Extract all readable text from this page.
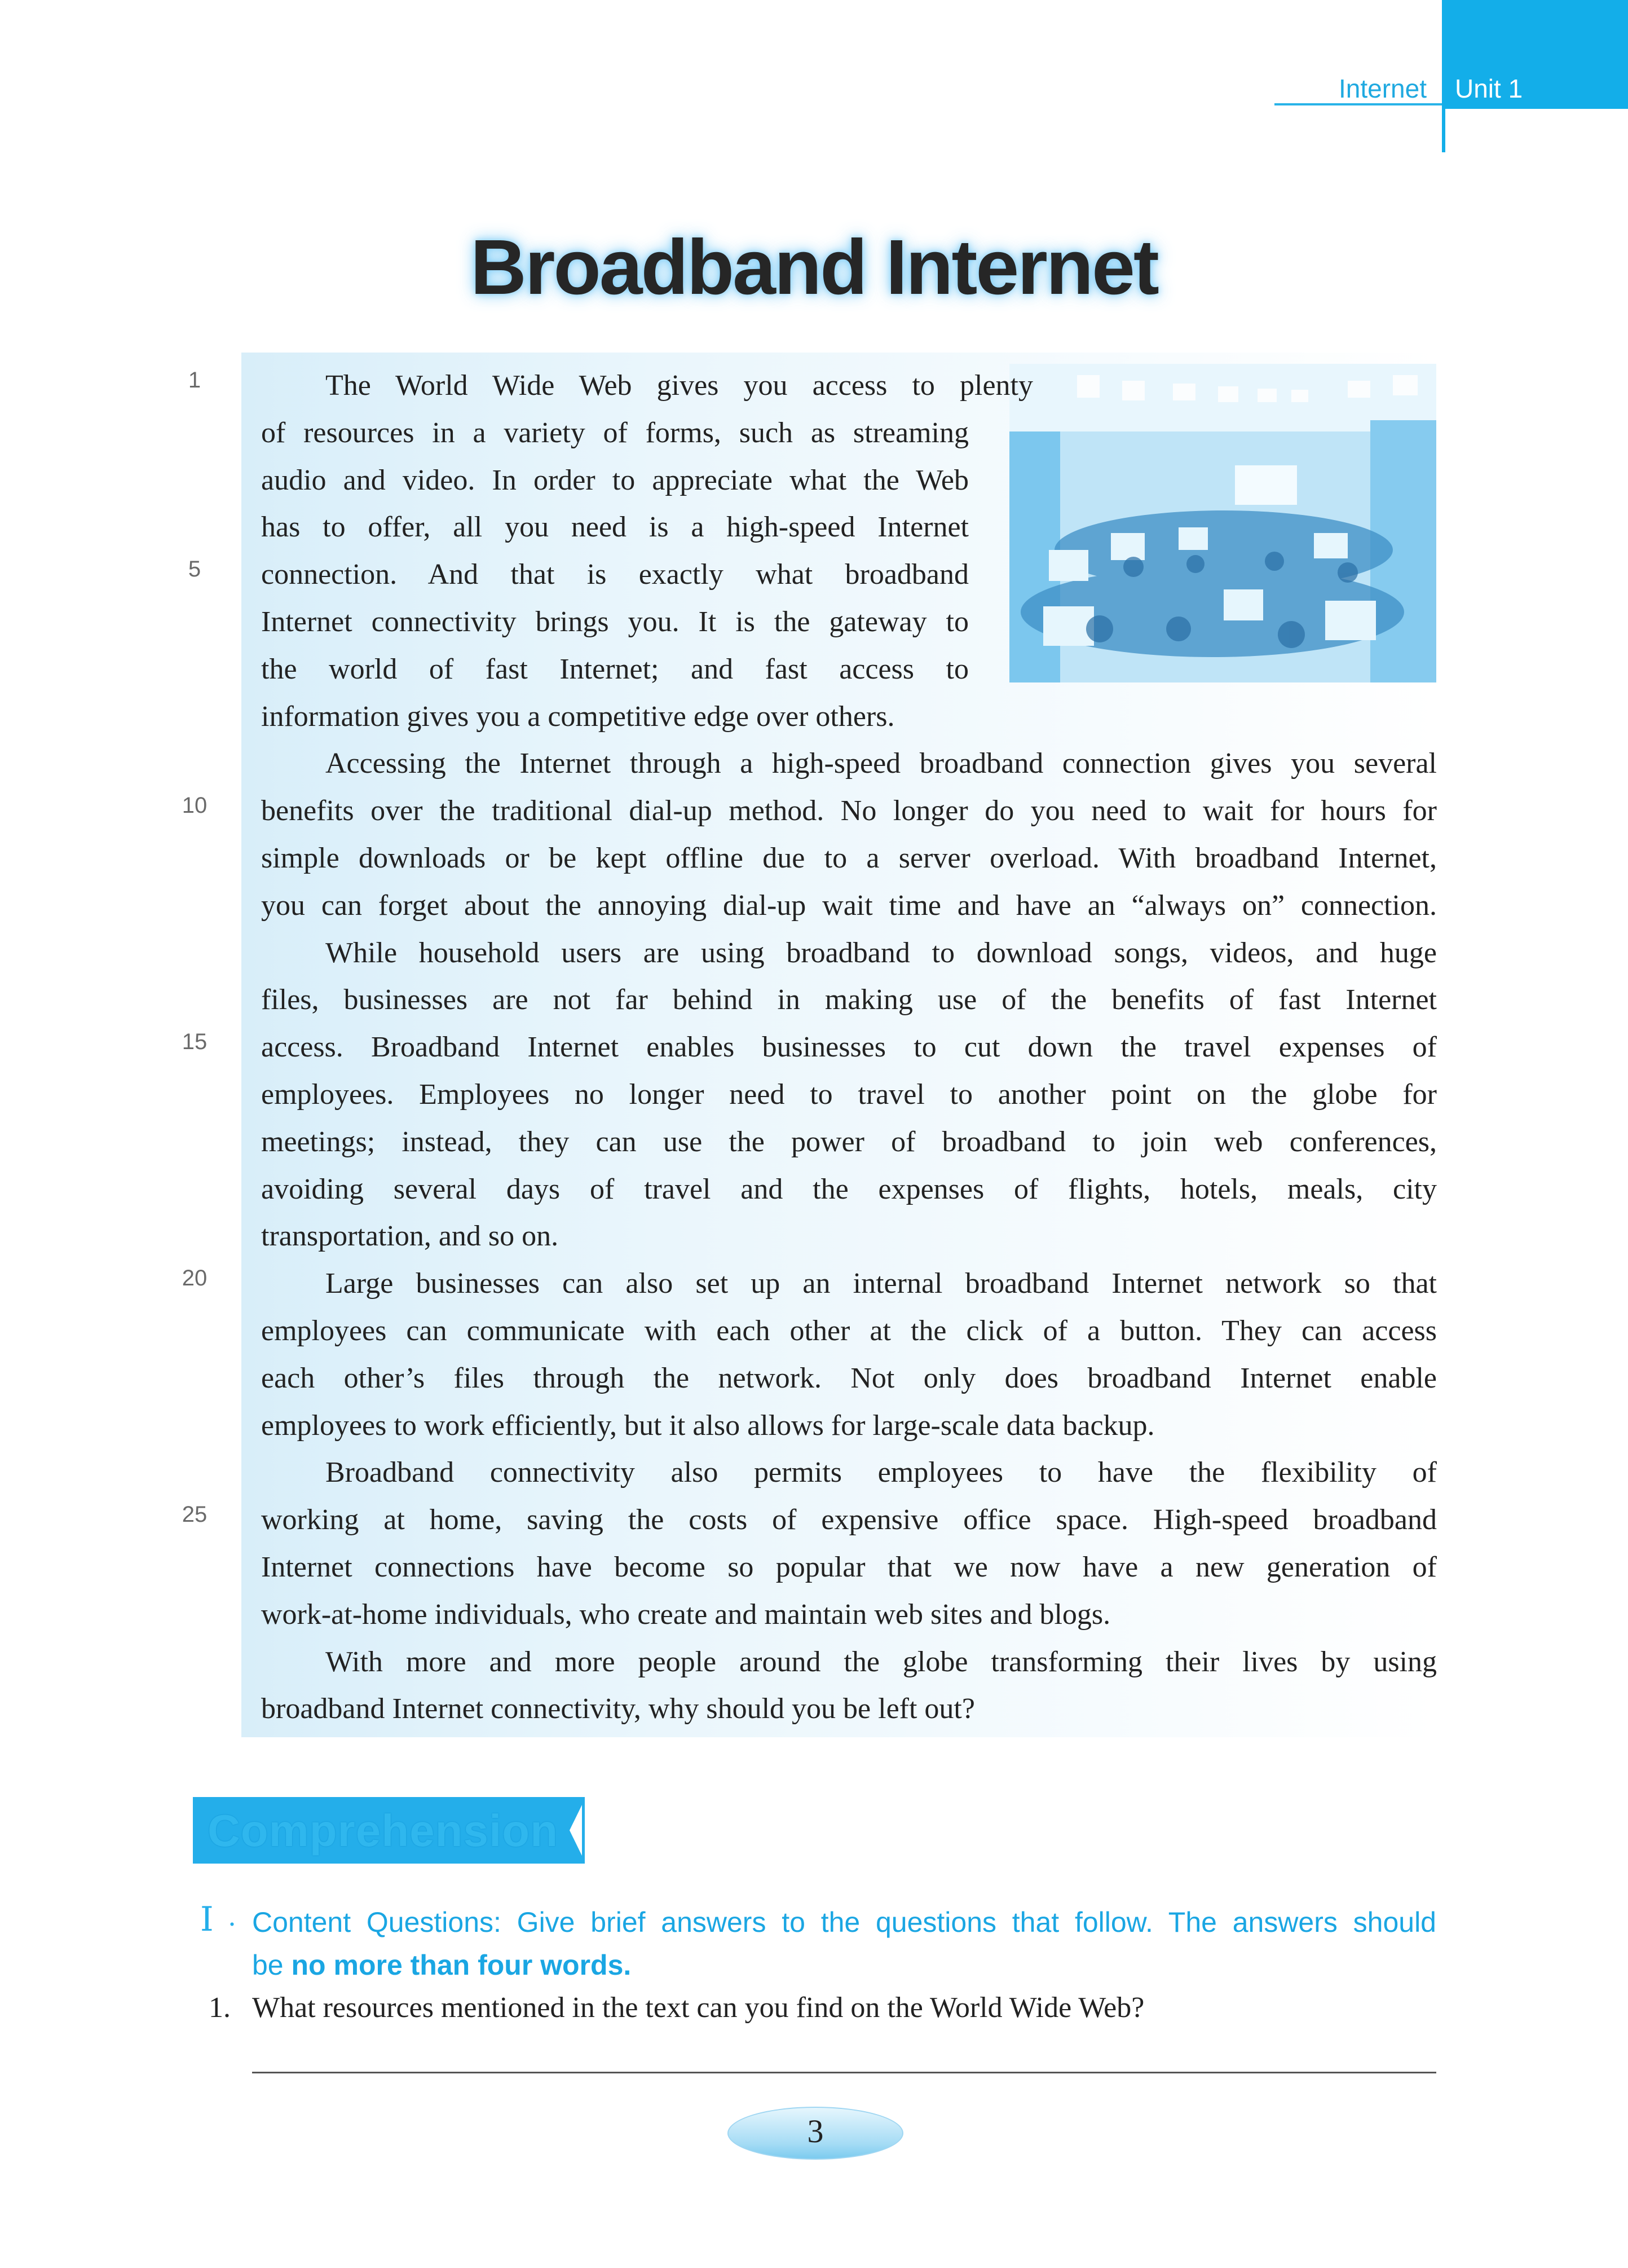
Internet Unit 1
Broadband Internet
The World Wide Web gives you access to plenty
of resources in a variety of forms, such as streaming
audio and video. In order to appreciate what the Web
has to offer, all you need is a high-speed Internet
connection. And that is exactly what broadband
Internet connectivity brings you. It is the gateway to
the world of fast Internet; and fast access to
information gives you a competitive edge over others.
Accessing the Internet through a high-speed broadband connection gives you several
benefits over the traditional dial-up method. No longer do you need to wait for hours for
simple downloads or be kept offline due to a server overload. With broadband Internet,
you can forget about the annoying dial-up wait time and have an “always on” connection.
While household users are using broadband to download songs, videos, and huge
files, businesses are not far behind in making use of the benefits of fast Internet
access. Broadband Internet enables businesses to cut down the travel expenses of
employees. Employees no longer need to travel to another point on the globe for
meetings; instead, they can use the power of broadband to join web conferences,
avoiding several days of travel and the expenses of flights, hotels, meals, city
transportation, and so on.
Large businesses can also set up an internal broadband Internet network so that
employees can communicate with each other at the click of a button. They can access
each other’s files through the network. Not only does broadband Internet enable
employees to work efficiently, but it also allows for large-scale data backup.
Broadband connectivity also permits employees to have the flexibility of
working at home, saving the costs of expensive office space. High-speed broadband
Internet connections have become so popular that we now have a new generation of
work-at-home individuals, who create and maintain web sites and blogs.
With more and more people around the globe transforming their lives by using
broadband Internet connectivity, why should you be left out?
1
5
10
15
20
25
Comprehension
Ⅰ . Content Questions: Give brief answers to the questions that follow. The answers should
be no more than four words.
1. What resources mentioned in the text can you find on the World Wide Web?
3
